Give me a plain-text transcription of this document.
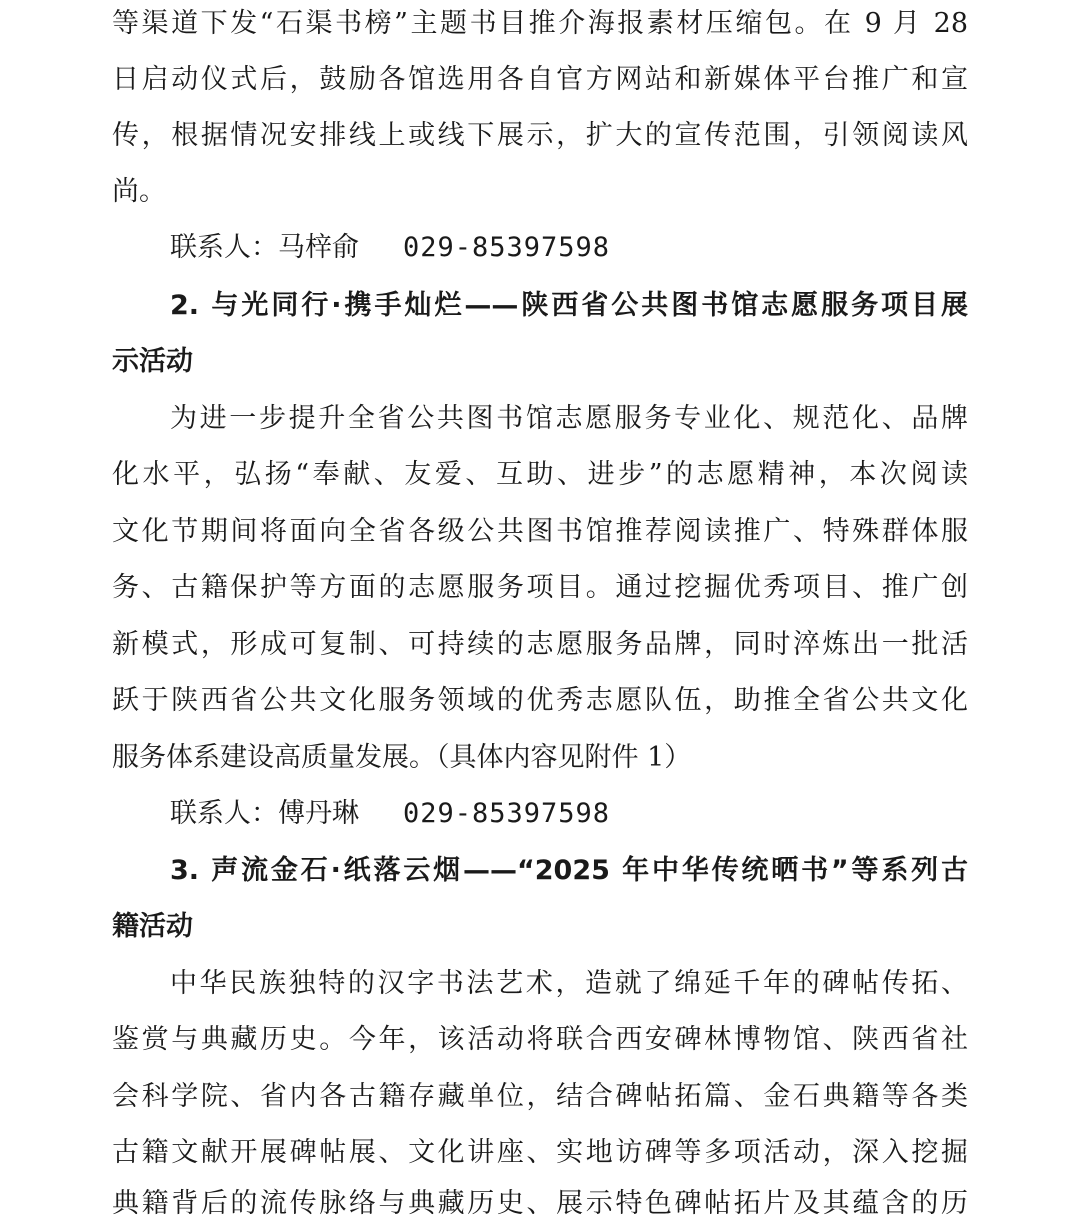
等渠道下发“石渠书榜”主题书目推介海报素材压缩包。在 9 月 28
日启动仪式后，鼓励各馆选用各自官方网站和新媒体平台推广和宣
传，根据情况安排线上或线下展示，扩大的宣传范围，引领阅读风
尚。
联系人：马梓俞 029-85397598
2. 与光同行·携手灿烂——陕西省公共图书馆志愿服务项目展
示活动
为进一步提升全省公共图书馆志愿服务专业化、规范化、品牌
化水平，弘扬“奉献、友爱、互助、进步”的志愿精神，本次阅读
文化节期间将面向全省各级公共图书馆推荐阅读推广、特殊群体服
务、古籍保护等方面的志愿服务项目。通过挖掘优秀项目、推广创
新模式，形成可复制、可持续的志愿服务品牌，同时淬炼出一批活
跃于陕西省公共文化服务领域的优秀志愿队伍，助推全省公共文化
服务体系建设高质量发展。（具体内容见附件 1）
联系人：傅丹琳 029-85397598
3. 声流金石·纸落云烟——“2025 年中华传统晒书”等系列古
籍活动
中华民族独特的汉字书法艺术，造就了绵延千年的碑帖传拓、
鉴赏与典藏历史。今年，该活动将联合西安碑林博物馆、陕西省社
会科学院、省内各古籍存藏单位，结合碑帖拓篇、金石典籍等各类
古籍文献开展碑帖展、文化讲座、实地访碑等多项活动，深入挖掘
典籍背后的流传脉络与典藏历史、展示特色碑帖拓片及其蕴含的历
